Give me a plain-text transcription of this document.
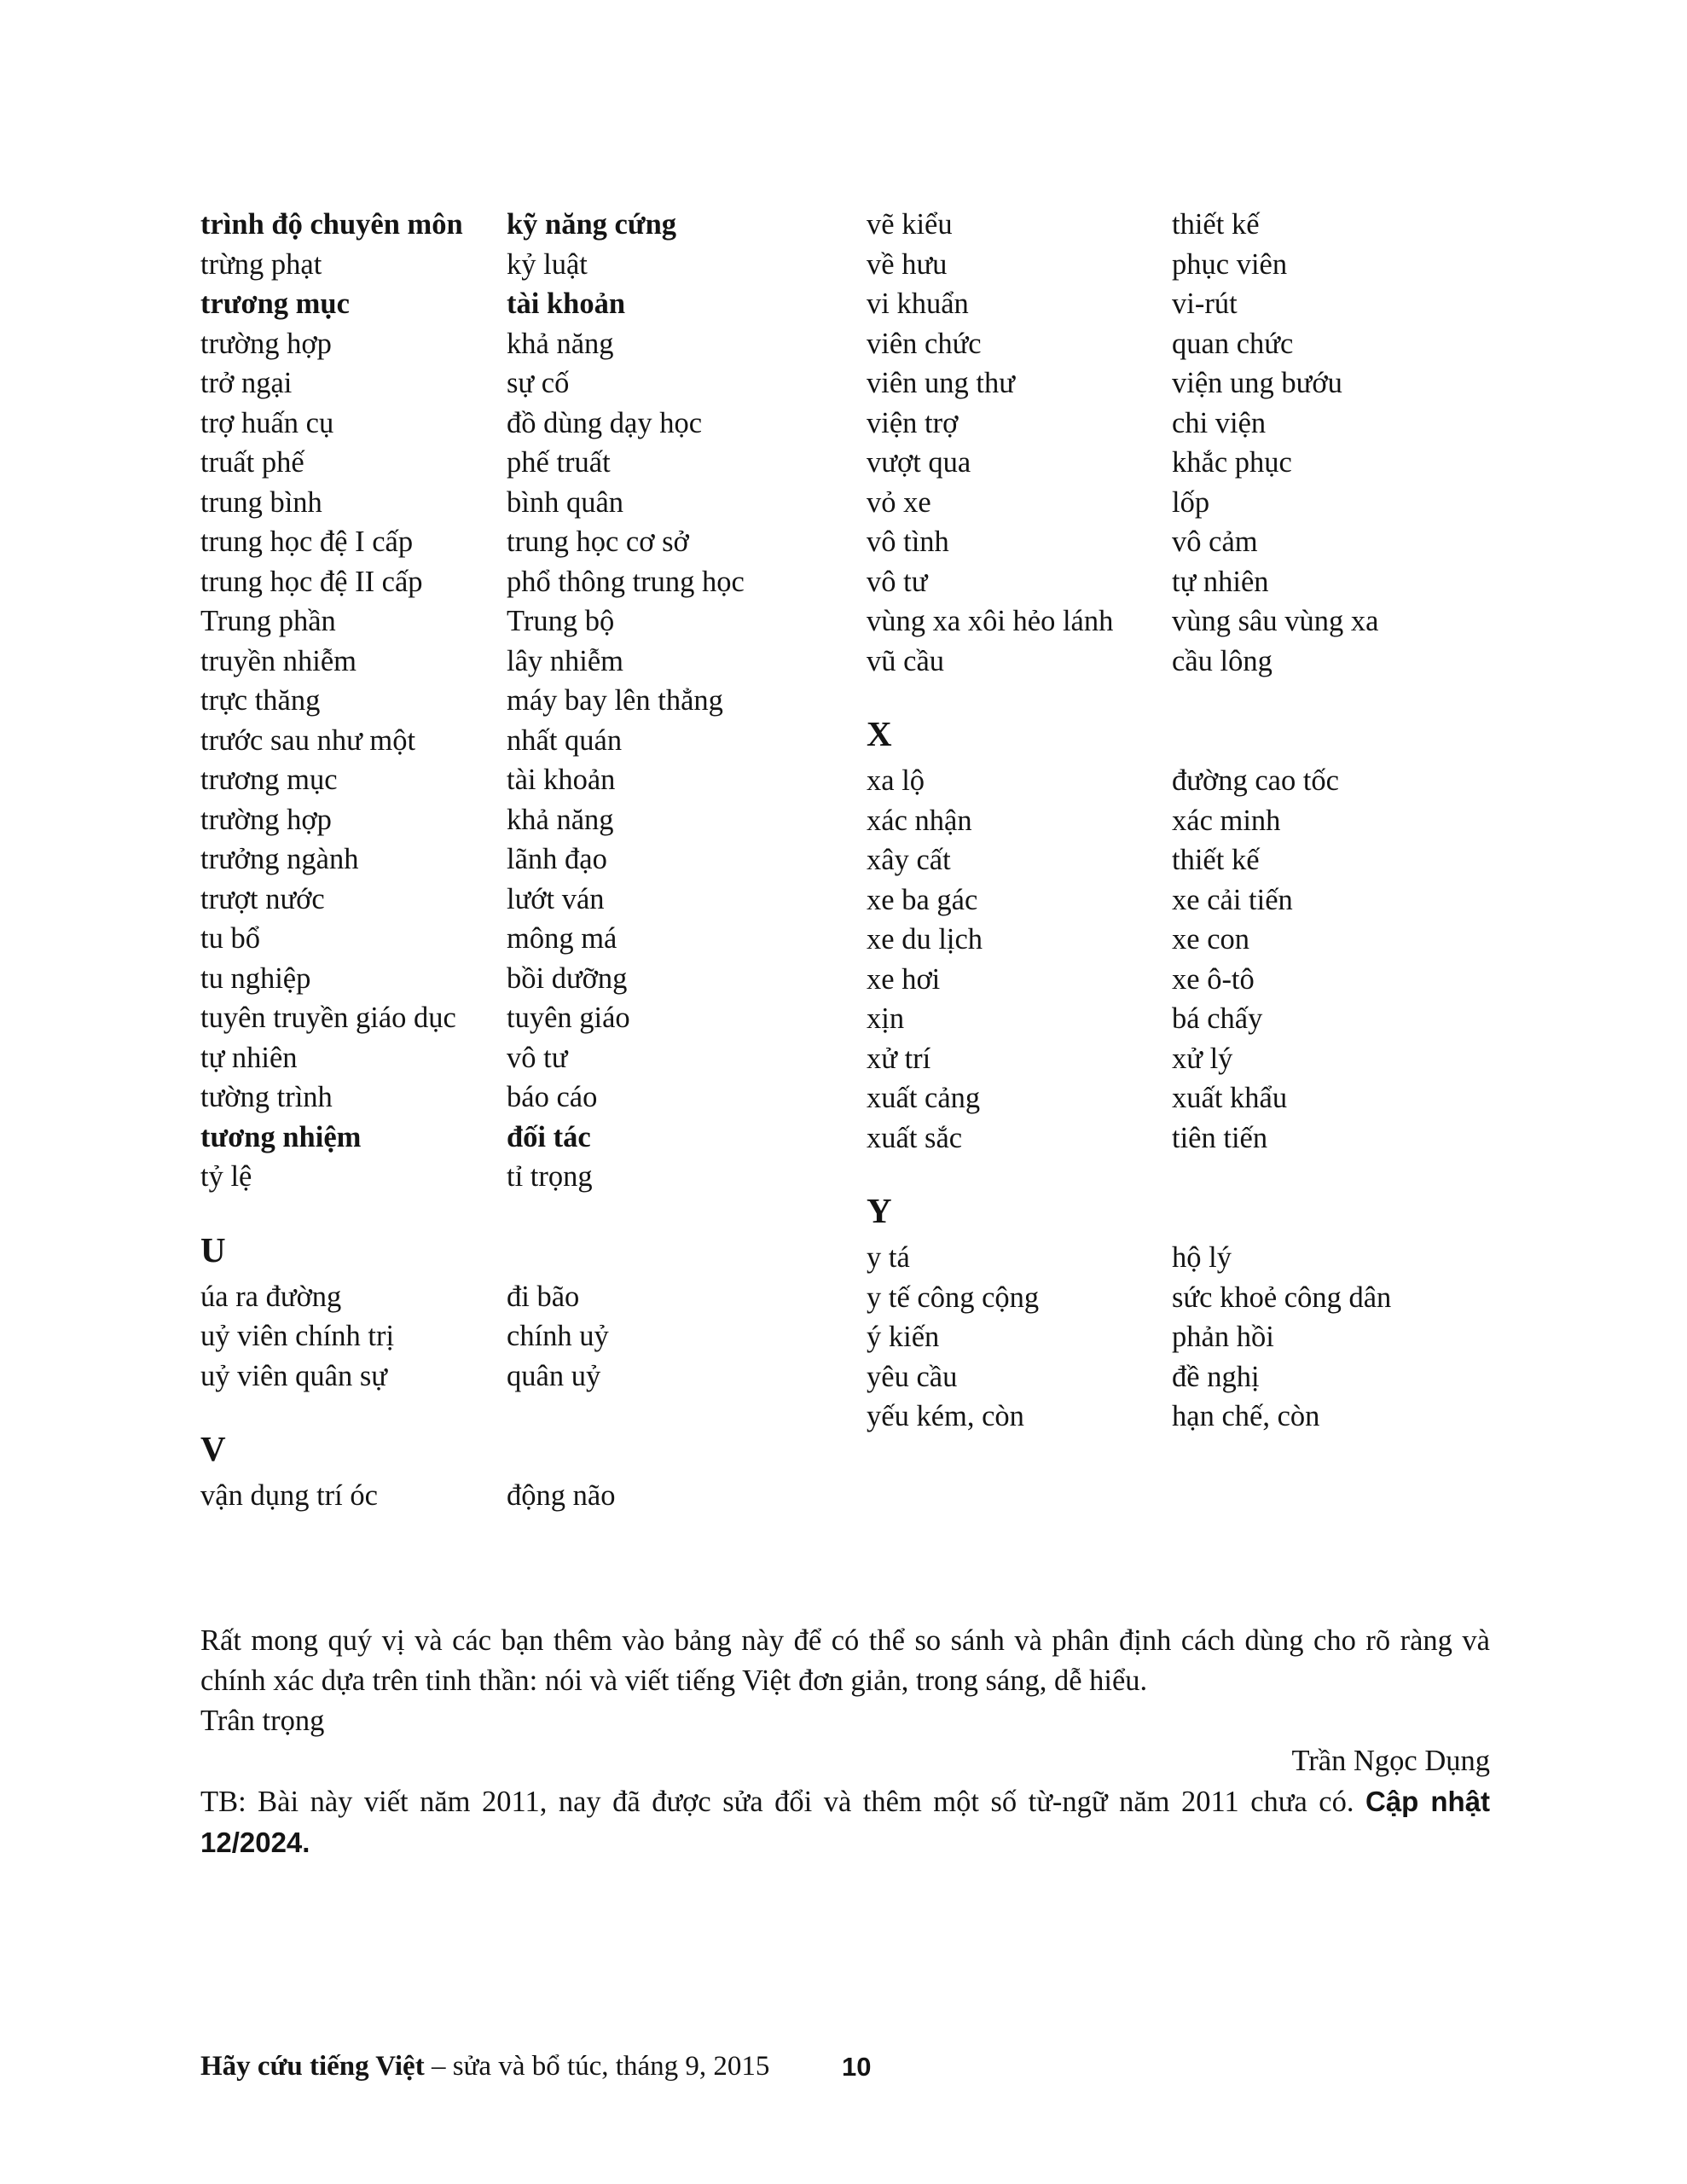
trình độ chuyên môn	kỹ năng cứng
trừng phạt	kỷ luật
trương mục	tài khoản
trường hợp	khả năng
trở ngại	sự cố
trợ huấn cụ	đồ dùng dạy học
truất phế	phế truất
trung bình	bình quân
trung học đệ I cấp	trung học cơ sở
trung học đệ II cấp	phổ thông trung học
Trung phần	Trung bộ
truyền nhiễm	lây nhiễm
trực thăng	máy bay lên thẳng
trước sau như một	nhất quán
trương mục	tài khoản
trường hợp	khả năng
trưởng ngành	lãnh đạo
trượt nước	lướt ván
tu bổ	mông má
tu nghiệp	bồi dưỡng
tuyên truyền giáo dục	tuyên giáo
tự nhiên	vô tư
tường trình	báo cáo
tương nhiệm	đối tác
tỷ lệ	tỉ trọng
U
úa ra đường	đi bão
uỷ viên chính trị	chính uỷ
uỷ viên quân sự	quân uỷ
V
vận dụng trí óc	động não
vẽ kiểu	thiết kế
về hưu	phục viên
vi khuẩn	vi-rút
viên chức	quan chức
viên ung thư	viện ung bướu
viện trợ	chi viện
vượt qua	khắc phục
vỏ xe	lốp
vô tình	vô cảm
vô tư	tự nhiên
vùng xa xôi hẻo lánh	vùng sâu vùng xa
vũ cầu	cầu lông
X
xa lộ	đường cao tốc
xác nhận	xác minh
xây cất	thiết kế
xe ba gác	xe cải tiến
xe du lịch	xe con
xe hơi	xe ô-tô
xịn	bá chấy
xử trí	xử lý
xuất cảng	xuất khẩu
xuất sắc	tiên tiến
Y
y tá	hộ lý
y tế công cộng	sức khoẻ công dân
ý kiến	phản hồi
yêu cầu	đề nghị
yếu kém, còn	hạn chế, còn

Rất mong quý vị và các bạn thêm vào bảng này để có thể so sánh và phân định cách dùng cho rõ ràng và chính xác dựa trên tinh thần: nói và viết tiếng Việt đơn giản, trong sáng, dễ hiểu.

Trân trọng

Trần Ngọc Dụng

TB: Bài này viết năm 2011, nay đã được sửa đổi và thêm một số từ-ngữ năm 2011 chưa có. Cập nhật 12/2024.

Hãy cứu tiếng Việt – sửa và bổ túc, tháng 9, 2015	10
